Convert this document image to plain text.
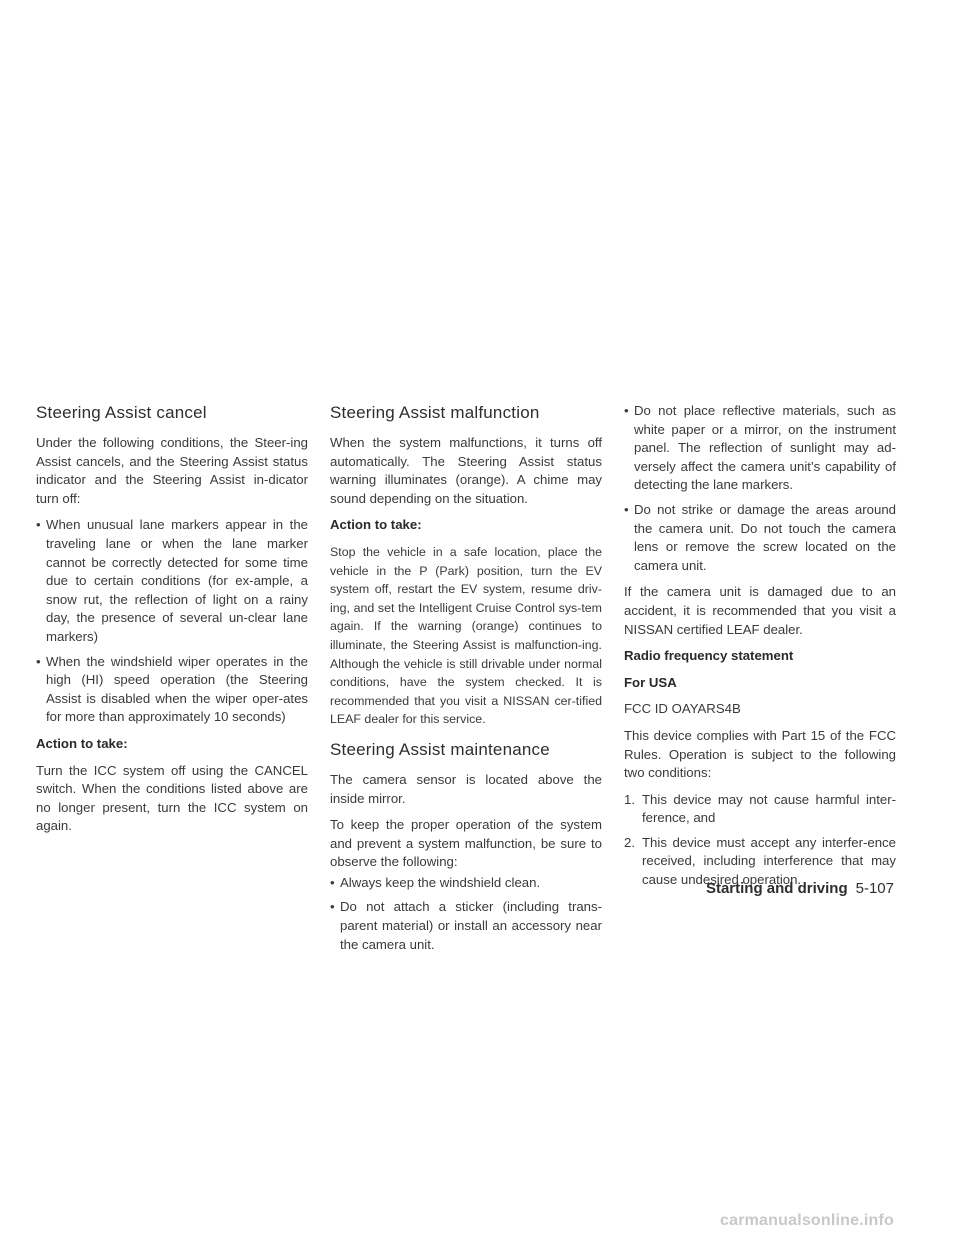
Steering Assist cancel

Under the following conditions, the Steer-ing Assist cancels, and the Steering Assist status indicator and the Steering Assist in-dicator turn off:

• When unusual lane markers appear in the traveling lane or when the lane marker cannot be correctly detected for some time due to certain conditions (for ex-ample, a snow rut, the reflection of light on a rainy day, the presence of several un-clear lane markers)
• When the windshield wiper operates in the high (HI) speed operation (the Steering Assist is disabled when the wiper oper-ates for more than approximately 10 seconds)

Action to take:

Turn the ICC system off using the CANCEL switch. When the conditions listed above are no longer present, turn the ICC system on again.

Steering Assist malfunction

When the system malfunctions, it turns off automatically. The Steering Assist status warning illuminates (orange). A chime may sound depending on the situation.

Action to take:

Stop the vehicle in a safe location, place the vehicle in the P (Park) position, turn the EV system off, restart the EV system, resume driv-ing, and set the Intelligent Cruise Control sys-tem again. If the warning (orange) continues to illuminate, the Steering Assist is malfunction-ing. Although the vehicle is still drivable under normal conditions, have the system checked. It is recommended that you visit a NISSAN cer-tified LEAF dealer for this service.

Steering Assist maintenance

The camera sensor is located above the inside mirror.

To keep the proper operation of the system and prevent a system malfunction, be sure to observe the following:

• Always keep the windshield clean.
• Do not attach a sticker (including trans-parent material) or install an accessory near the camera unit.
• Do not place reflective materials, such as white paper or a mirror, on the instrument panel. The reflection of sunlight may ad-versely affect the camera unit’s capability of detecting the lane markers.
• Do not strike or damage the areas around the camera unit. Do not touch the camera lens or remove the screw located on the camera unit.

If the camera unit is damaged due to an accident, it is recommended that you visit a NISSAN certified LEAF dealer.

Radio frequency statement

For USA

FCC ID OAYARS4B

This device complies with Part 15 of the FCC Rules. Operation is subject to the following two conditions:

1. This device may not cause harmful inter-ference, and
2. This device must accept any interfer-ence received, including interference that may cause undesired operation.
Starting and driving 5-107
carmanualsonline.info
